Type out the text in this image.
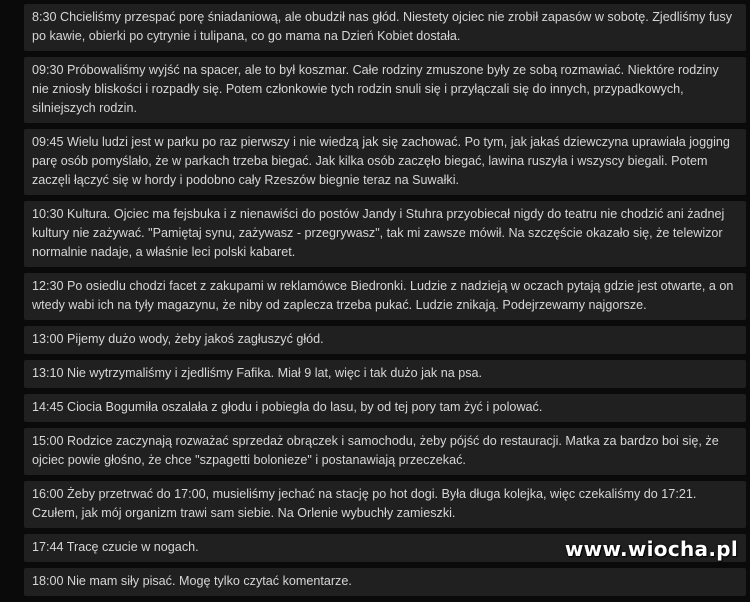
8:30 Chcieliśmy przespać porę śniadaniową, ale obudził nas głód. Niestety ojciec nie zrobił zapasów w sobotę. Zjedliśmy fusy po kawie, obierki po cytrynie i tulipana, co go mama na Dzień Kobiet dostała.
09:30 Próbowaliśmy wyjść na spacer, ale to był koszmar. Całe rodziny zmuszone były ze sobą rozmawiać. Niektóre rodziny nie zniosły bliskości i rozpadły się. Potem członkowie tych rodzin snuli się i przyłączali się do innych, przypadkowych, silniejszych rodzin.
09:45 Wielu ludzi jest w parku po raz pierwszy i nie wiedzą jak się zachować. Po tym, jak jakaś dziewczyna uprawiała jogging parę osób pomyślało, że w parkach trzeba biegać. Jak kilka osób zaczęło biegać, lawina ruszyła i wszyscy biegali. Potem zaczęli łączyć się w hordy i podobno cały Rzeszów biegnie teraz na Suwałki.
10:30 Kultura. Ojciec ma fejsbuka i z nienawiści do postów Jandy i Stuhra przyobiecał nigdy do teatru nie chodzić ani żadnej kultury nie zażywać. "Pamiętaj synu, zażywasz - przegrywasz", tak mi zawsze mówił. Na szczęście okazało się, że telewizor normalnie nadaje, a właśnie leci polski kabaret.
12:30 Po osiedlu chodzi facet z zakupami w reklamówce Biedronki. Ludzie z nadzieją w oczach pytają gdzie jest otwarte, a on wtedy wabi ich na tyły magazynu, że niby od zaplecza trzeba pukać. Ludzie znikają. Podejrzewamy najgorsze.
13:00 Pijemy dużo wody, żeby jakoś zagłuszyć głód.
13:10 Nie wytrzymaliśmy i zjedliśmy Fafika. Miał 9 lat, więc i tak dużo jak na psa.
14:45 Ciocia Bogumiła oszalała z głodu i pobiegła do lasu, by od tej pory tam żyć i polować.
15:00 Rodzice zaczynają rozważać sprzedaż obrączek i samochodu, żeby pójść do restauracji. Matka za bardzo boi się, że ojciec powie głośno, że chce "szpagetti bolonieze" i postanawiają przeczekać.
16:00 Żeby przetrwać do 17:00, musieliśmy jechać na stację po hot dogi. Była długa kolejka, więc czekaliśmy do 17:21. Czułem, jak mój organizm trawi sam siebie. Na Orlenie wybuchły zamieszki.
17:44 Tracę czucie w nogach.
18:00 Nie mam siły pisać. Mogę tylko czytać komentarze.
www.wiocha.pl
